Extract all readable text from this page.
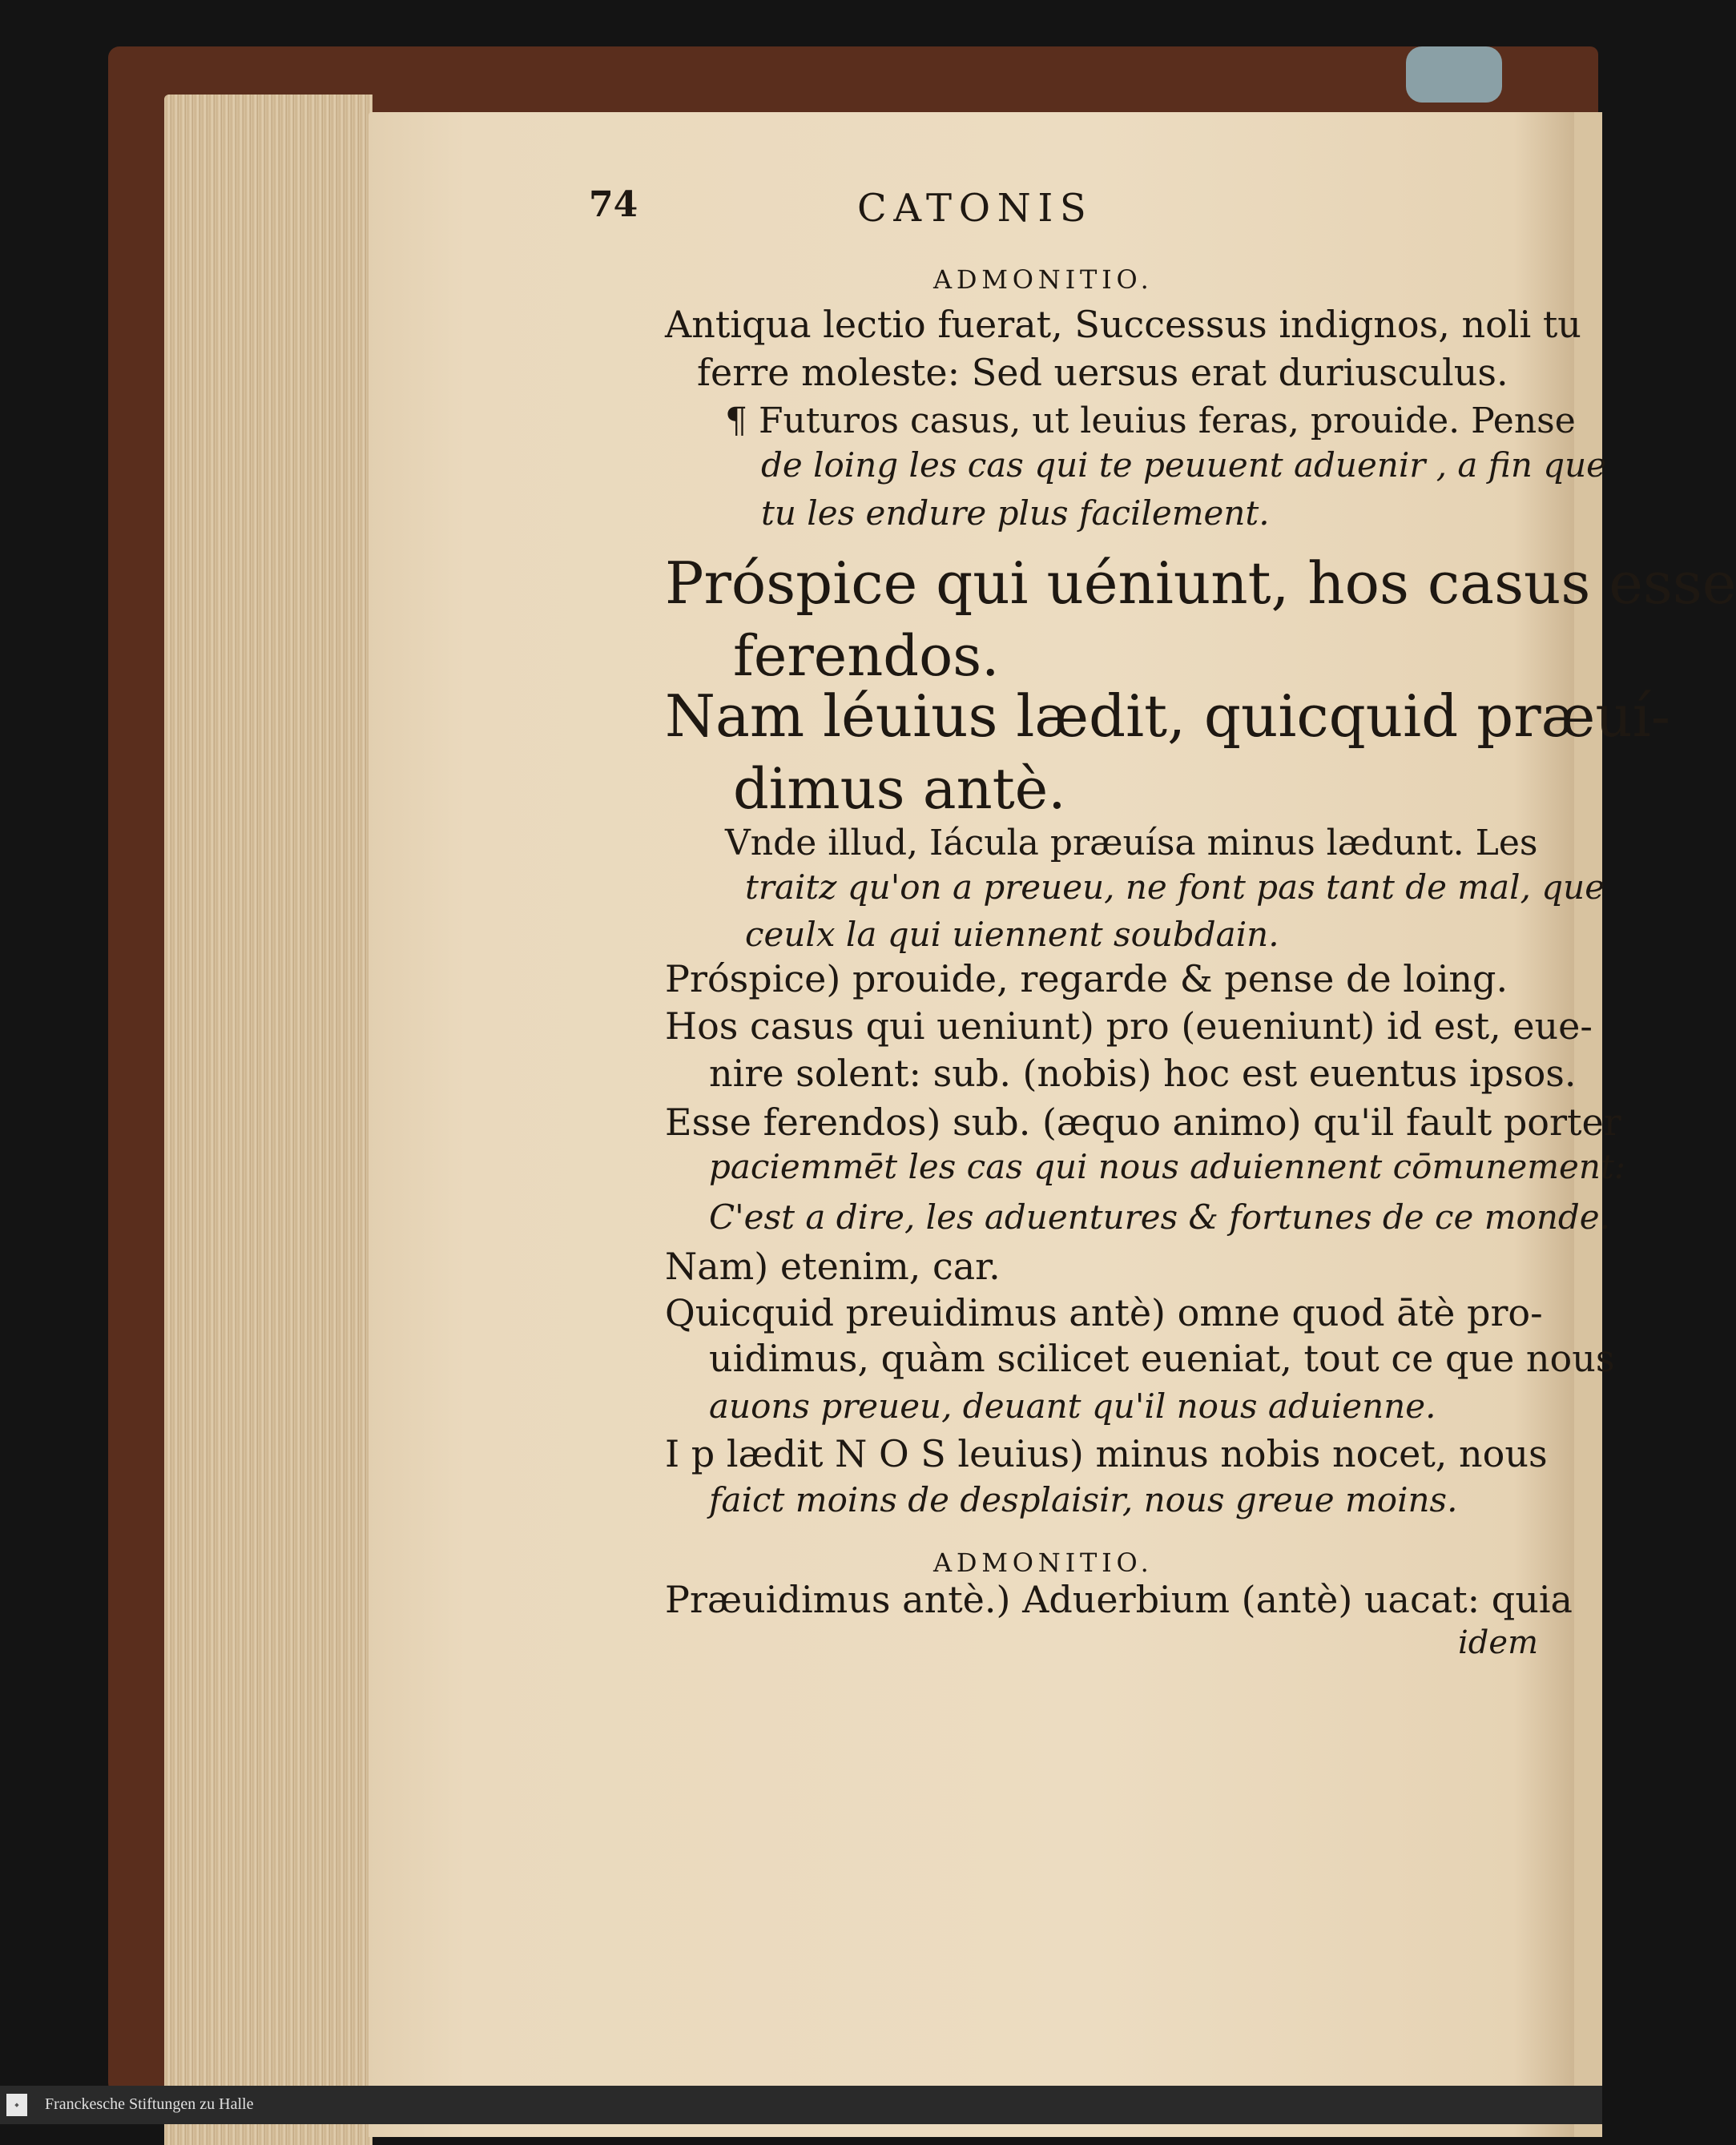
74	CATONIS
ADMONITIO.
Antiqua lectio fuerat, Successus indignos, noli tu
ferre moleste: Sed uersus erat duriusculus.
¶ Futuros casus, ut leuius feras, prouide. Pense
de loing les cas qui te peuuent aduenir , a fin que
tu les endure plus facilement.
Próspice qui uéniunt, hos casus esse
ferendos.
Nam léuius lædit, quicquid præuí-
dimus antè.
Vnde illud, Iácula præuísa minus lædunt. Les
traitz qu'on a preueu, ne font pas tant de mal, que
ceulx la qui uiennent soubdain.
Próspice) prouide, regarde & pense de loing.
Hos casus qui ueniunt) pro (eueniunt) id est, eue-
nire solent: sub. (nobis) hoc est euentus ipsos.
Esse ferendos) sub. (æquo animo) qu'il fault porter
paciemmēt les cas qui nous aduiennent cōmunement:
C'est a dire, les aduentures & fortunes de ce monde.
Nam) etenim, car.
Quicquid preuidimus antè) omne quod ātè pro-
uidimus, quàm scilicet eueniat, tout ce que nous
auons preueu, deuant qu'il nous aduienne.
I p lædit N O S leuius) minus nobis nocet, nous
faict moins de desplaisir, nous greue moins.
ADMONITIO.
Præuidimus antè.) Aduerbium (antè) uacat: quia
idem
◆	Franckesche Stiftungen zu Halle
